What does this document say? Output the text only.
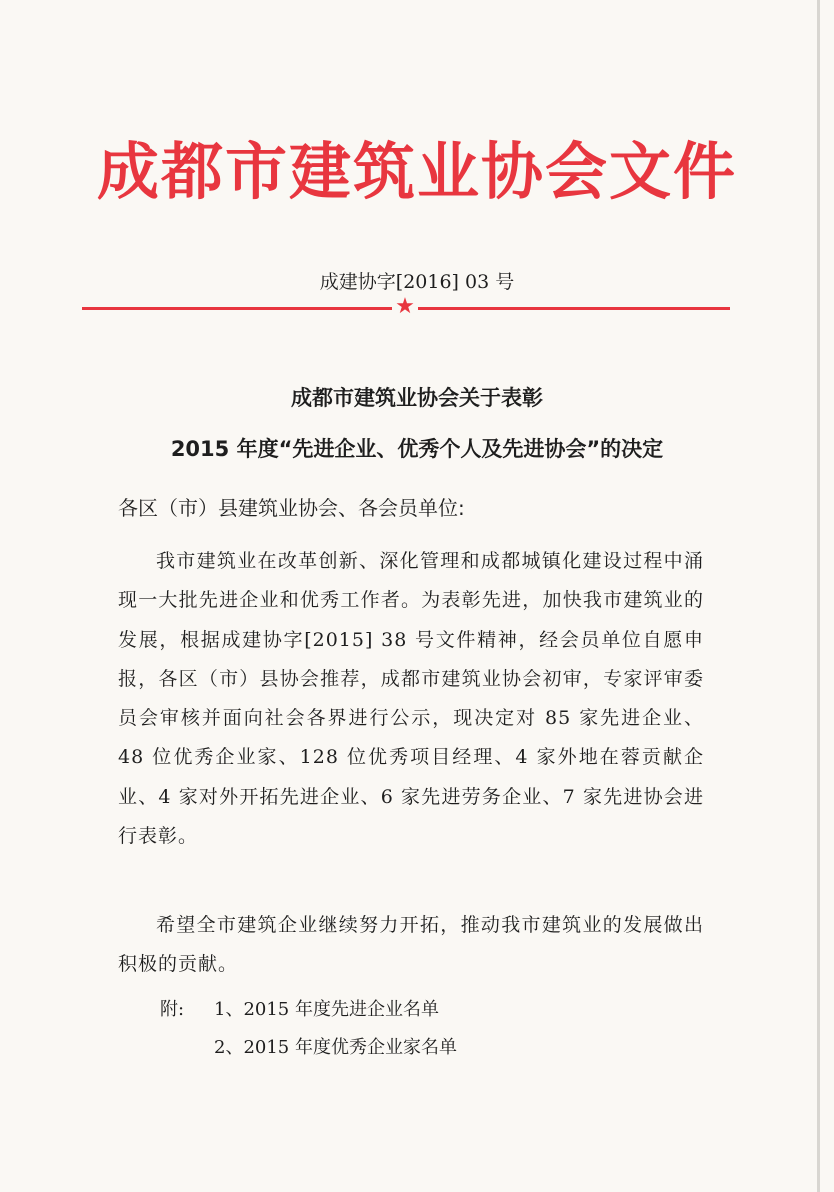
成都市建筑业协会文件
成建协字[2016] 03 号
★
成都市建筑业协会关于表彰
2015 年度“先进企业、优秀个人及先进协会”的决定
各区（市）县建筑业协会、各会员单位:
我市建筑业在改革创新、深化管理和成都城镇化建设过程中涌现一大批先进企业和优秀工作者。为表彰先进，加快我市建筑业的发展，根据成建协字[2015] 38 号文件精神，经会员单位自愿申报，各区（市）县协会推荐，成都市建筑业协会初审，专家评审委员会审核并面向社会各界进行公示，现决定对 85 家先进企业、48 位优秀企业家、128 位优秀项目经理、4 家外地在蓉贡献企业、4 家对外开拓先进企业、6 家先进劳务企业、7 家先进协会进行表彰。
希望全市建筑企业继续努力开拓，推动我市建筑业的发展做出积极的贡献。
附: 1、2015 年度先进企业名单
2、2015 年度优秀企业家名单
